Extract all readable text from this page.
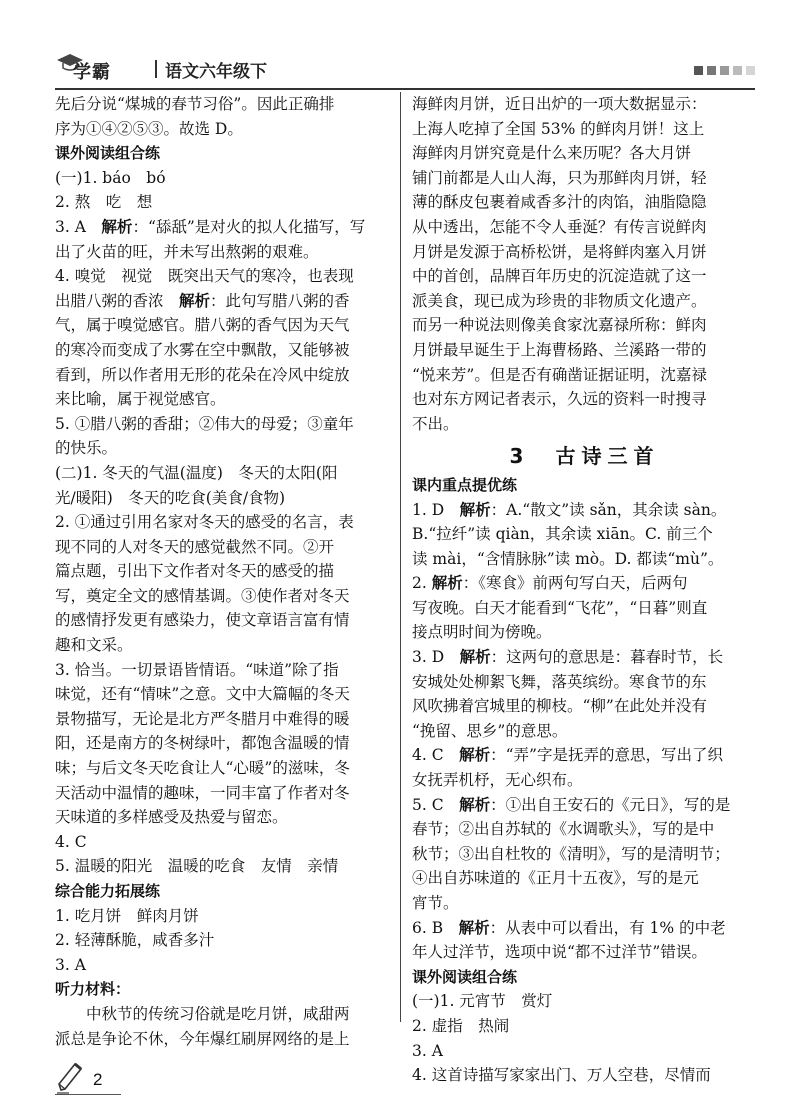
学霸	语文六年级下

先后分说“煤城的春节习俗”。因此正确排

序为①④②⑤③。故选 D。

课外阅读组合练

(一)1. báo　bó

2. 熬　吃　想

3. A　解析：“舔舐”是对火的拟人化描写，写

出了火苗的旺，并未写出熬粥的艰难。

4. 嗅觉　视觉　既突出天气的寒冷，也表现

出腊八粥的香浓　解析：此句写腊八粥的香

气，属于嗅觉感官。腊八粥的香气因为天气

的寒冷而变成了水雾在空中飘散，又能够被

看到，所以作者用无形的花朵在冷风中绽放

来比喻，属于视觉感官。

5. ①腊八粥的香甜；②伟大的母爱；③童年

的快乐。

(二)1. 冬天的气温(温度)　冬天的太阳(阳

光/暖阳)　冬天的吃食(美食/食物)

2. ①通过引用名家对冬天的感受的名言，表

现不同的人对冬天的感觉截然不同。②开

篇点题，引出下文作者对冬天的感受的描

写，奠定全文的感情基调。③使作者对冬天

的感情抒发更有感染力，使文章语言富有情

趣和文采。

3. 恰当。一切景语皆情语。“味道”除了指

味觉，还有“情味”之意。文中大篇幅的冬天

景物描写，无论是北方严冬腊月中难得的暖

阳，还是南方的冬树绿叶，都饱含温暖的情

味；与后文冬天吃食让人“心暖”的滋味，冬

天活动中温情的趣味，一同丰富了作者对冬

天味道的多样感受及热爱与留恋。

4. C

5. 温暖的阳光　温暖的吃食　友情　亲情

综合能力拓展练

1. 吃月饼　鲜肉月饼

2. 轻薄酥脆，咸香多汁

3. A

听力材料：

中秋节的传统习俗就是吃月饼，咸甜两

派总是争论不休，今年爆红刷屏网络的是上

海鲜肉月饼，近日出炉的一项大数据显示：

上海人吃掉了全国 53% 的鲜肉月饼！这上

海鲜肉月饼究竟是什么来历呢？各大月饼

铺门前都是人山人海，只为那鲜肉月饼，轻

薄的酥皮包裹着咸香多汁的肉馅，油脂隐隐

从中透出，怎能不令人垂涎？有传言说鲜肉

月饼是发源于高桥松饼，是将鲜肉塞入月饼

中的首创，品牌百年历史的沉淀造就了这一

派美食，现已成为珍贵的非物质文化遗产。

而另一种说法则像美食家沈嘉禄所称：鲜肉

月饼最早诞生于上海曹杨路、兰溪路一带的

“悦来芳”。但是否有确凿证据证明，沈嘉禄

也对东方网记者表示，久远的资料一时搜寻

不出。

3　古诗三首

课内重点提优练

1. D　解析：A.“散文”读 sǎn，其余读 sàn。

B.“拉纤”读 qiàn，其余读 xiān。C. 前三个

读 mài，“含情脉脉”读 mò。D. 都读“mù”。

2. 解析：《寒食》前两句写白天，后两句

写夜晚。白天才能看到“飞花”，“日暮”则直

接点明时间为傍晚。

3. D　解析：这两句的意思是：暮春时节，长

安城处处柳絮飞舞，落英缤纷。寒食节的东

风吹拂着宫城里的柳枝。“柳”在此处并没有

“挽留、思乡”的意思。

4. C　解析：“弄”字是抚弄的意思，写出了织

女抚弄机杼，无心织布。

5. C　解析：①出自王安石的《元日》，写的是

春节；②出自苏轼的《水调歌头》，写的是中

秋节；③出自杜牧的《清明》，写的是清明节；

④出自苏味道的《正月十五夜》，写的是元

宵节。

6. B　解析：从表中可以看出，有 1% 的中老

年人过洋节，选项中说“都不过洋节”错误。

课外阅读组合练

(一)1. 元宵节　赏灯

2. 虚指　热闹

3. A

4. 这首诗描写家家出门、万人空巷，尽情而

2
